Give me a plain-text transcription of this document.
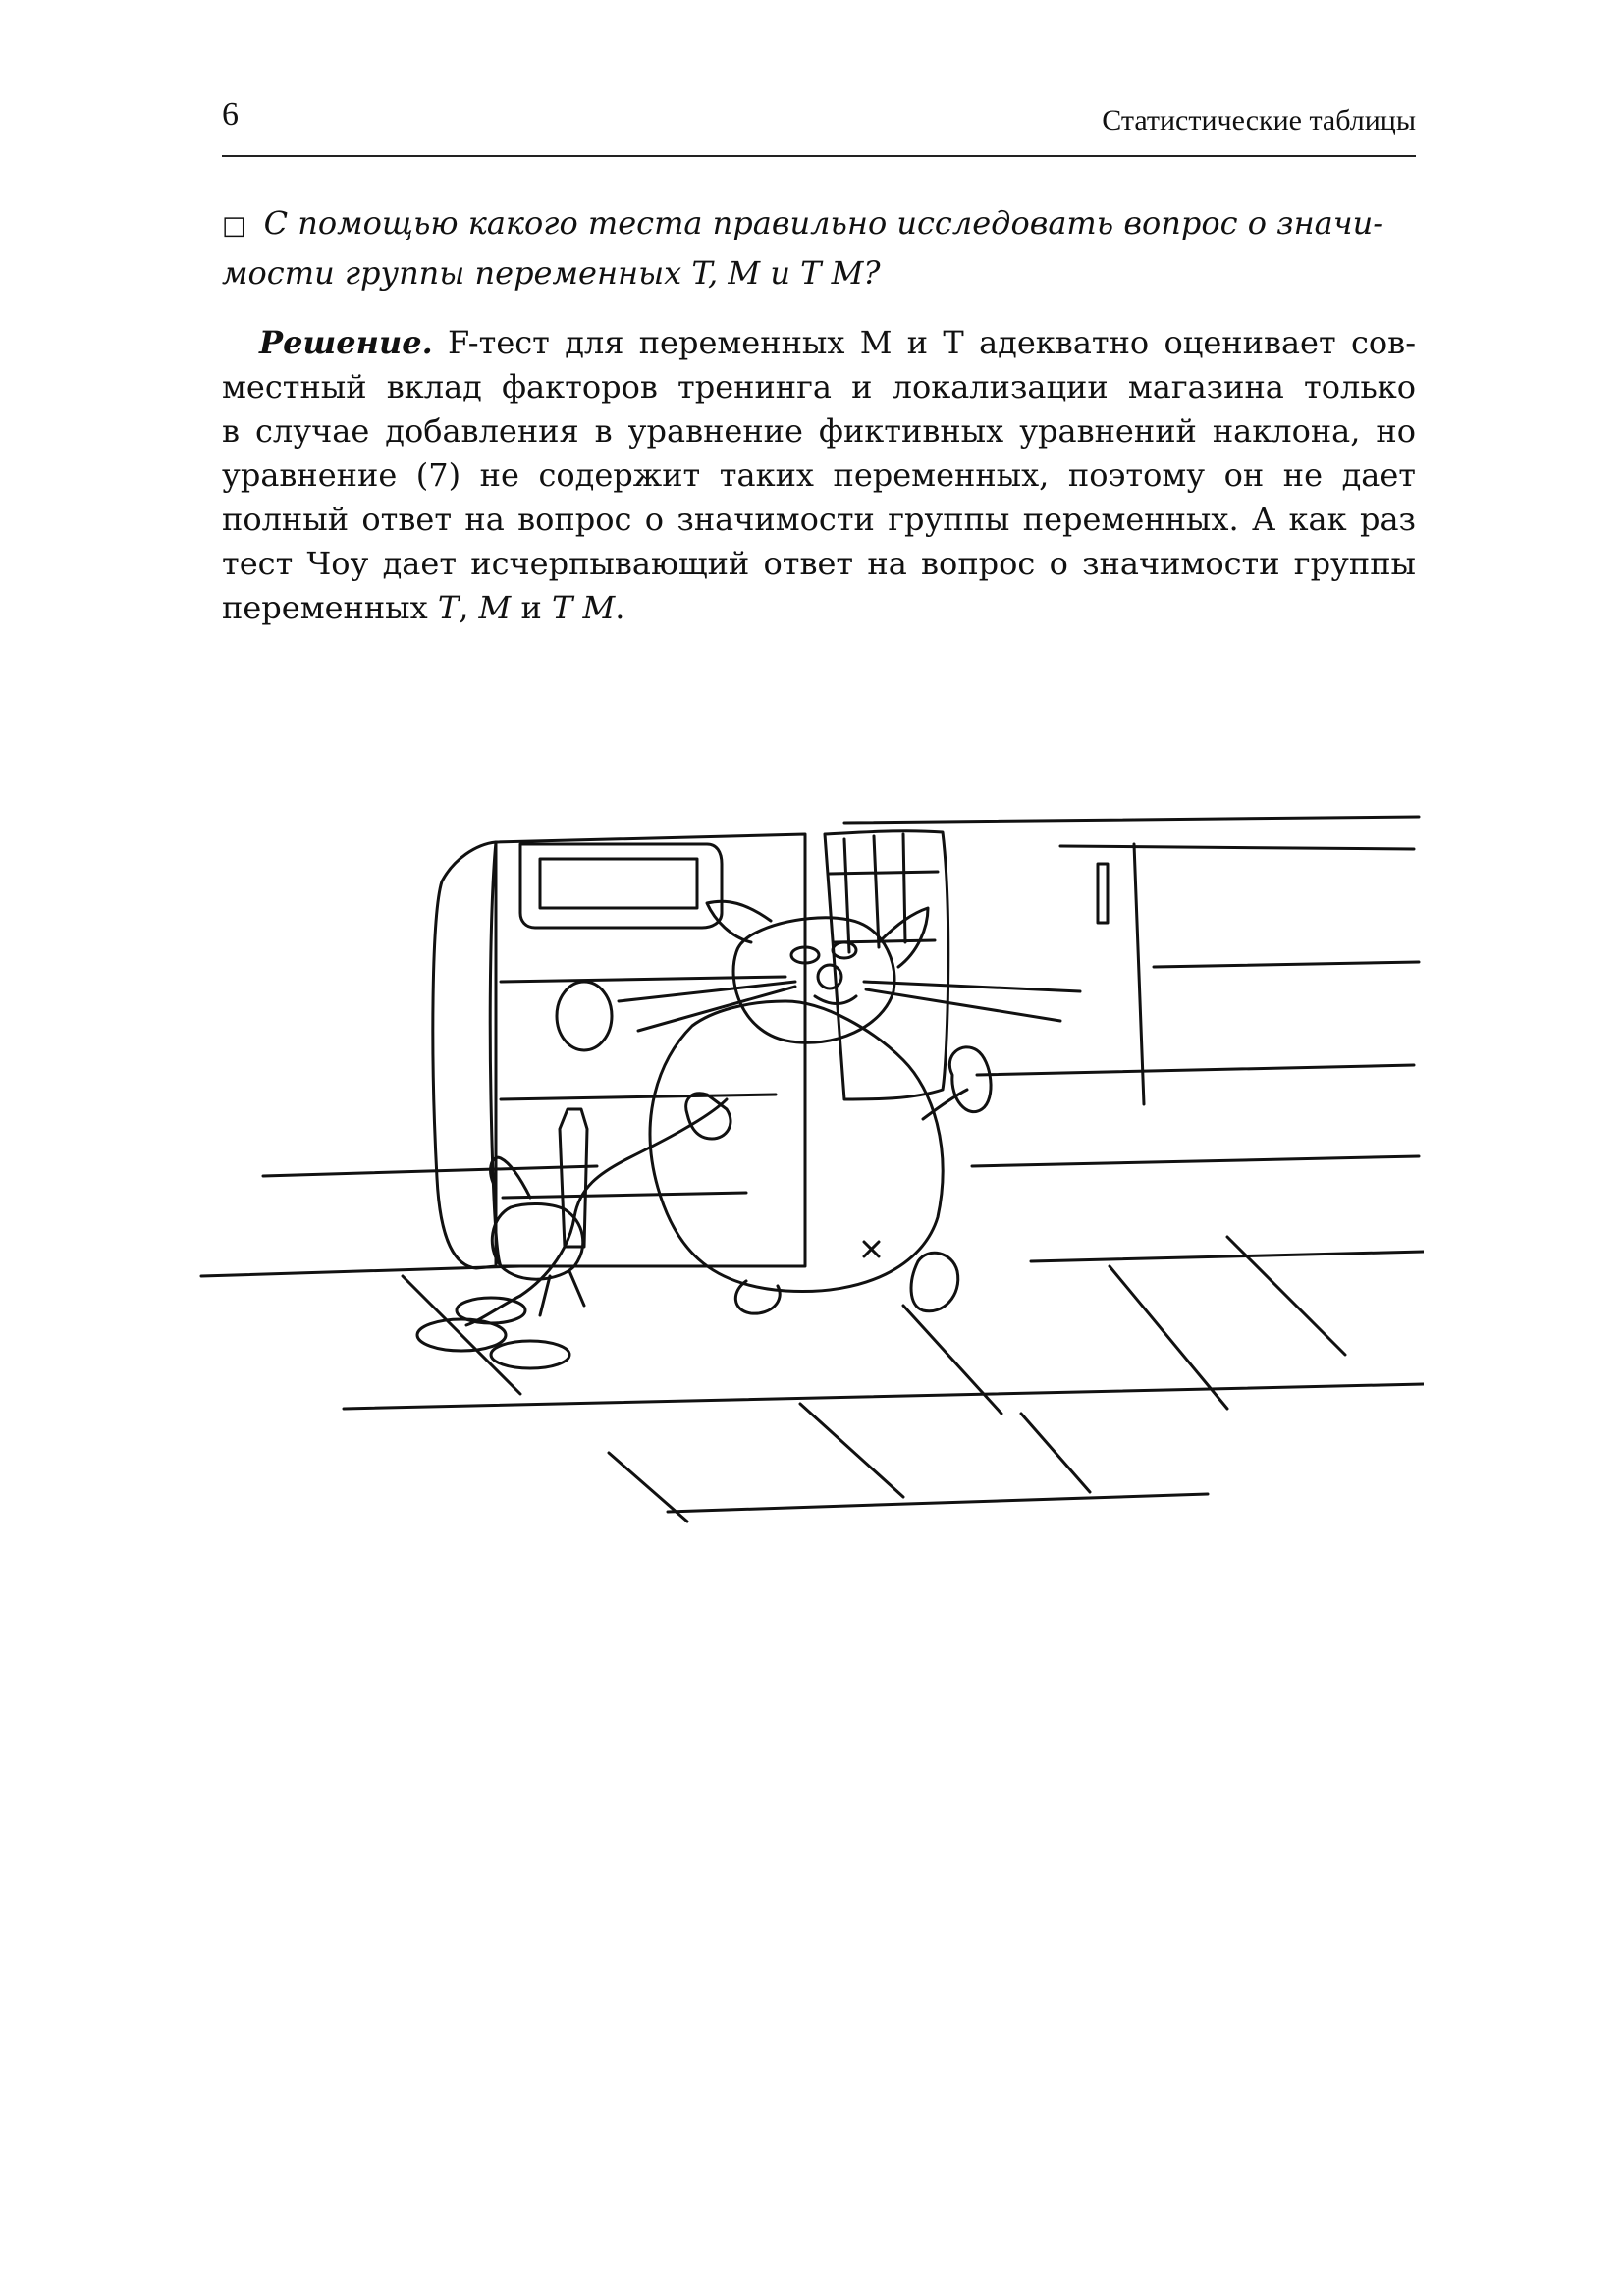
6	Статистические таблицы
□ С помощью какого теста правильно исследовать вопрос о значи-
мости группы переменных T, M и T M?
Решение. F-тест для переменных M и T адекватно оценивает сов-
местный вклад факторов тренинга и локализации магазина только
в случае добавления в уравнение фиктивных уравнений наклона, но
уравнение (7) не содержит таких переменных, поэтому он не дает
полный ответ на вопрос о значимости группы переменных. А как раз
тест Чоу дает исчерпывающий ответ на вопрос о значимости группы
переменных T, M и T M.
